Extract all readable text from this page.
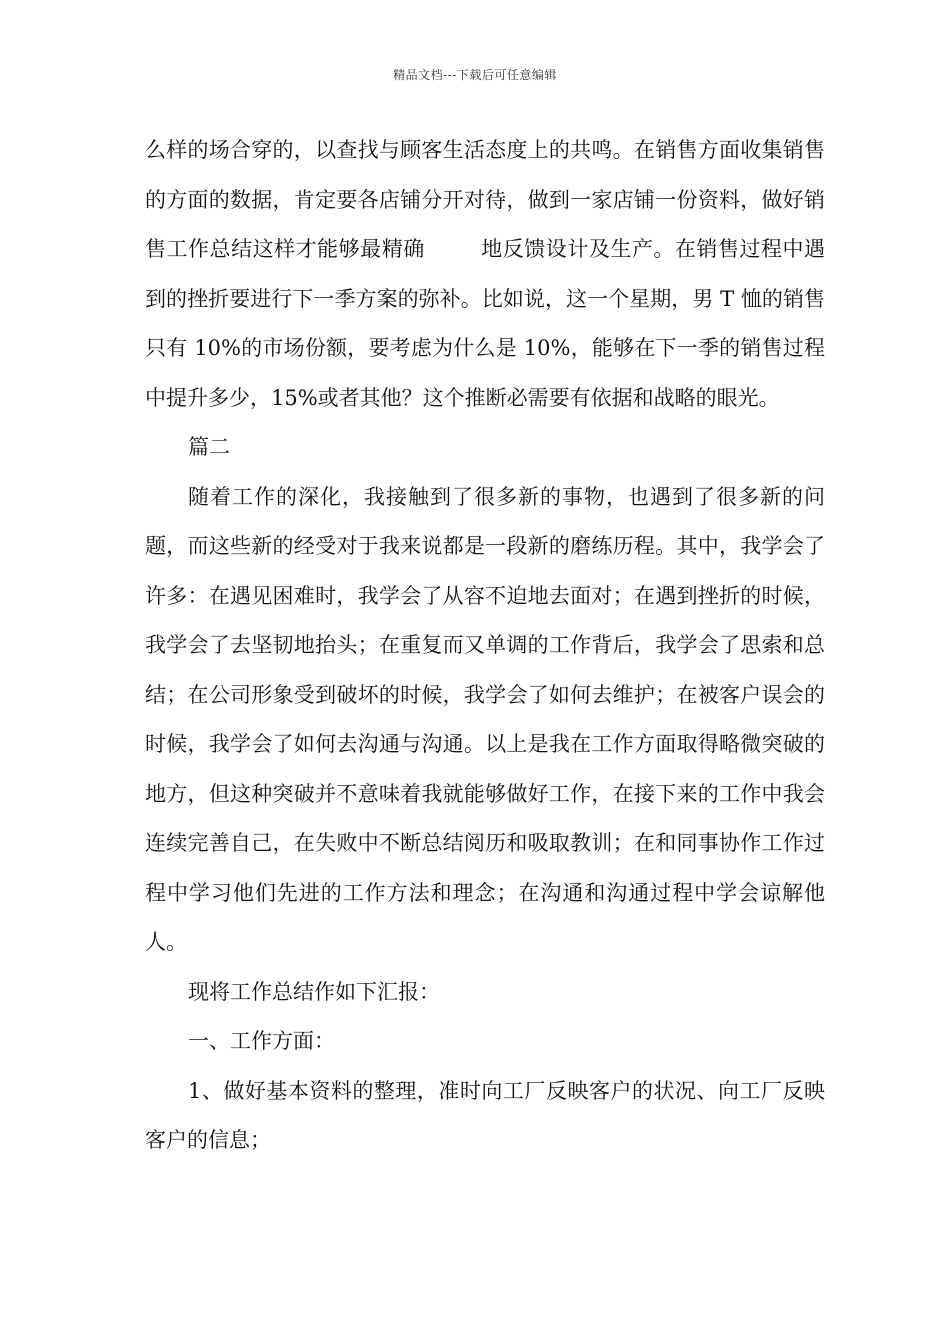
精品文档---下载后可任意编辑

么样的场合穿的，以查找与顾客生活态度上的共鸣。在销售方面收集销售的方面的数据，肯定要各店铺分开对待，做到一家店铺一份资料，做好销售工作总结这样才能够最精确	地反馈设计及生产。在销售过程中遇到的挫折要进行下一季方案的弥补。比如说，这一个星期，男 T 恤的销售只有 10%的市场份额，要考虑为什么是 10%，能够在下一季的销售过程中提升多少，15%或者其他？这个推断必需要有依据和战略的眼光。

篇二

随着工作的深化，我接触到了很多新的事物，也遇到了很多新的问题，而这些新的经受对于我来说都是一段新的磨练历程。其中，我学会了许多：在遇见困难时，我学会了从容不迫地去面对；在遇到挫折的时候，我学会了去坚韧地抬头；在重复而又单调的工作背后，我学会了思索和总结；在公司形象受到破坏的时候，我学会了如何去维护；在被客户误会的时候，我学会了如何去沟通与沟通。以上是我在工作方面取得略微突破的地方，但这种突破并不意味着我就能够做好工作，在接下来的工作中我会连续完善自己，在失败中不断总结阅历和吸取教训；在和同事协作工作过程中学习他们先进的工作方法和理念；在沟通和沟通过程中学会谅解他人。

现将工作总结作如下汇报：

一、工作方面：

1、做好基本资料的整理，准时向工厂反映客户的状况、向工厂反映客户的信息；
